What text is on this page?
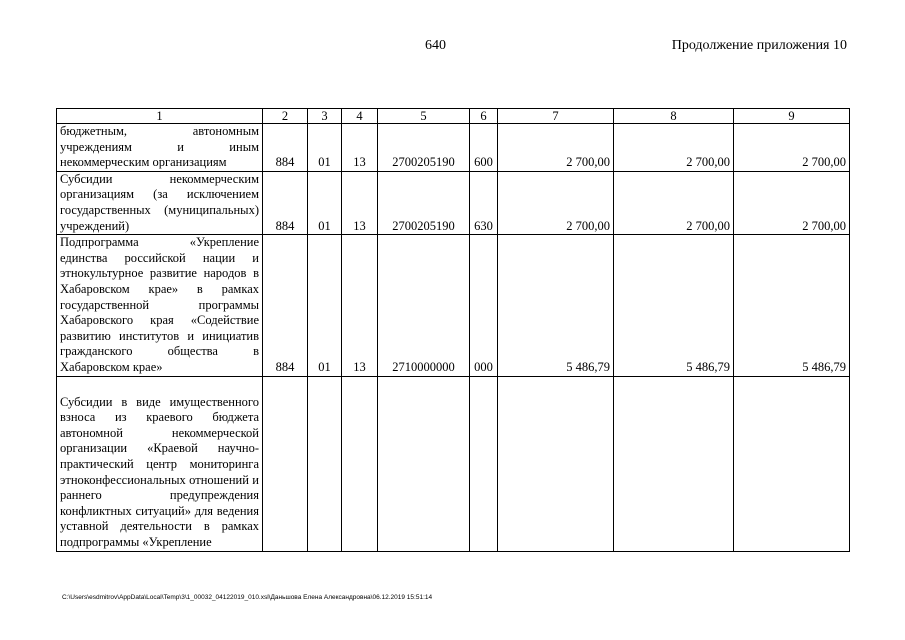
640	Продолжение приложения 10
1	2	3	4	5	6	7	8	9
бюджетным, автономным учреждениям и иным некоммерческим организациям	884	01	13	2700205190	600	2 700,00	2 700,00	2 700,00
Субсидии некоммерческим организациям (за исключением государственных (муниципальных) учреждений)	884	01	13	2700205190	630	2 700,00	2 700,00	2 700,00
Подпрограмма «Укрепление единства российской нации и этнокультурное развитие народов в Хабаровском крае» в рамках государственной программы Хабаровского края «Содействие развитию институтов и инициатив гражданского общества в Хабаровском крае»	884	01	13	2710000000	000	5 486,79	5 486,79	5 486,79
Субсидии в виде имущественного взноса из краевого бюджета автономной некоммерческой организации «Краевой научно-практический центр мониторинга этноконфессиональных отношений и раннего предупреждения конфликтных ситуаций» для ведения уставной деятельности в рамках подпрограммы «Укрепление								
C:\Users\esdmitrov\AppData\Local\Temp\3\1_00032_04122019_010.xsl\Даньшова Елена Александровна\06.12.2019 15:51:14
